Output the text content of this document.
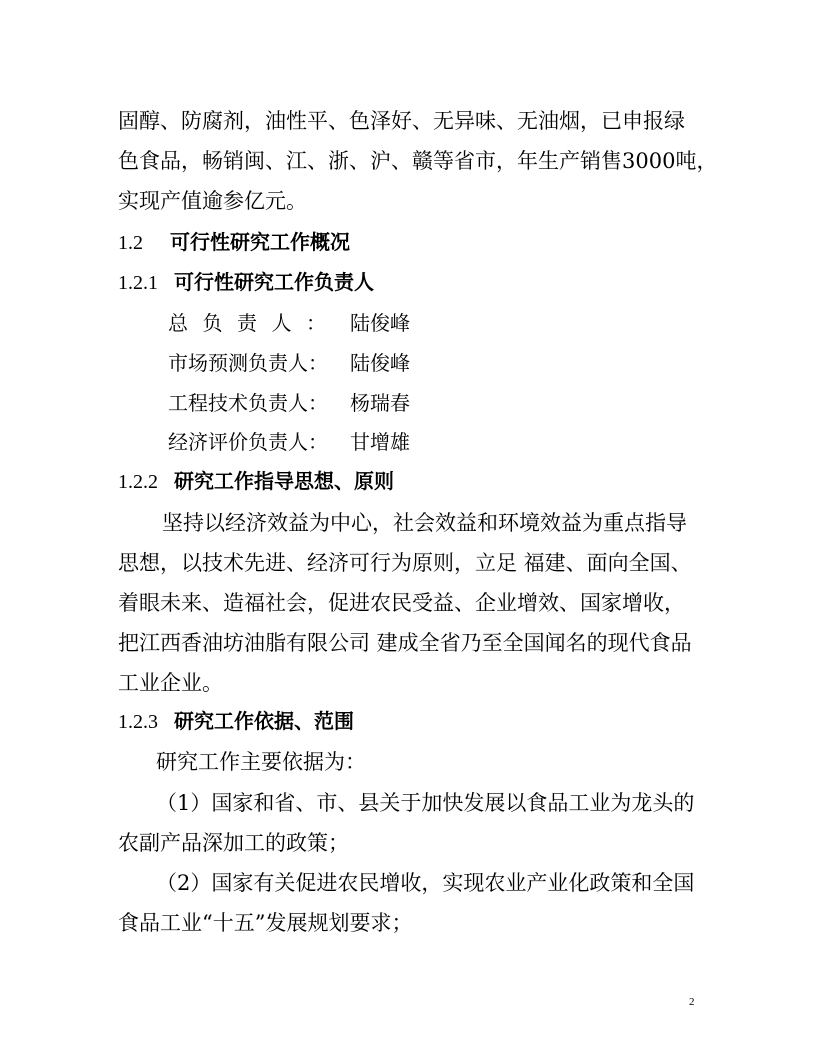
固醇、防腐剂，油性平、色泽好、无异味、无油烟，已申报绿
色食品，畅销闽、江、浙、沪、赣等省市，年生产销售3000吨，
实现产值逾参亿元。
1.2 可行性研究工作概况
1.2.1 可行性研究工作负责人
总负责人： 陆俊峰
市场预测负责人： 陆俊峰
工程技术负责人： 杨瑞春
经济评价负责人： 甘增雄
1.2.2 研究工作指导思想、原则
坚持以经济效益为中心，社会效益和环境效益为重点指导
思想，以技术先进、经济可行为原则，立足 福建、面向全国、
着眼未来、造福社会，促进农民受益、企业增效、国家增收，
把江西香油坊油脂有限公司 建成全省乃至全国闻名的现代食品
工业企业。
1.2.3 研究工作依据、范围
研究工作主要依据为：
（1）国家和省、市、县关于加快发展以食品工业为龙头的
农副产品深加工的政策；
（2）国家有关促进农民增收，实现农业产业化政策和全国
食品工业“十五”发展规划要求；
2
